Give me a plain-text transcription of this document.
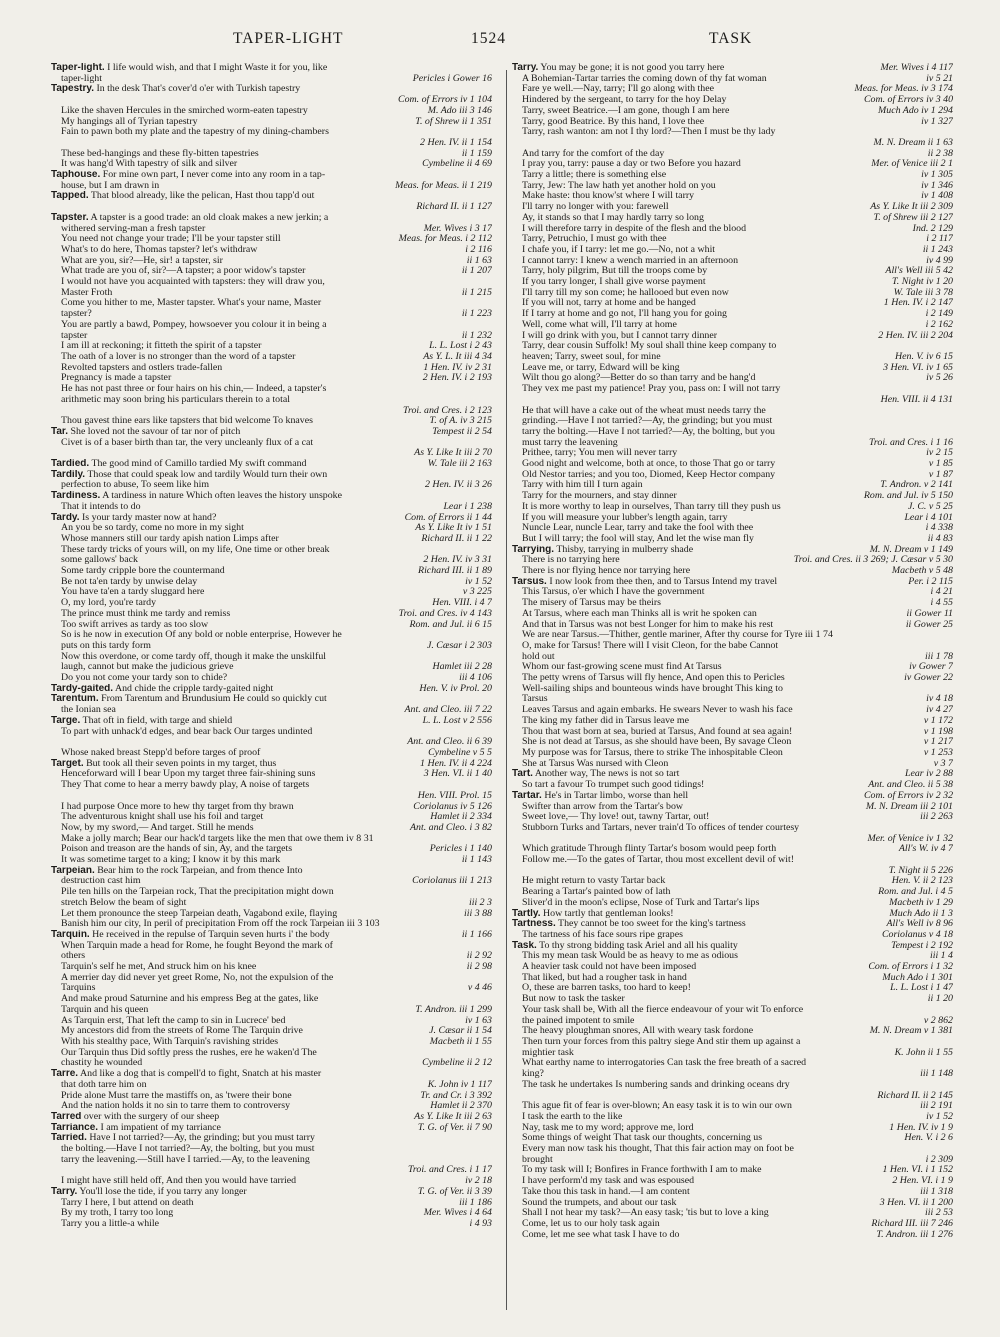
TAPER-LIGHT	1524	TASK
Taper-light. I life would wish, and that I might Waste it for you, like
taper-light	Pericles i Gower 16
Tapestry. In the desk That's cover'd o'er with Turkish tapestry
Com. of Errors iv 1 104
Like the shaven Hercules in the smirched worm-eaten tapestry	M. Ado iii 3 146
My hangings all of Tyrian tapestry	T. of Shrew ii 1 351
Fain to pawn both my plate and the tapestry of my dining-chambers
2 Hen. IV. ii 1 154
These bed-hangings and these fly-bitten tapestries	ii 1 159
It was hang'd With tapestry of silk and silver	Cymbeline ii 4 69
Taphouse. For mine own part, I never come into any room in a tap-
house, but I am drawn in	Meas. for Meas. ii 1 219
Tapped. That blood already, like the pelican, Hast thou tapp'd out
Richard II. ii 1 127
Tapster. A tapster is a good trade: an old cloak makes a new jerkin; a
withered serving-man a fresh tapster	Mer. Wives i 3 17
You need not change your trade; I'll be your tapster still	Meas. for Meas. i 2 112
What's to do here, Thomas tapster? let's withdraw	i 2 116
What are you, sir?—He, sir! a tapster, sir	ii 1 63
What trade are you of, sir?—A tapster; a poor widow's tapster	ii 1 207
I would not have you acquainted with tapsters: they will draw you,
Master Froth	ii 1 215
Come you hither to me, Master tapster. What's your name, Master
tapster?	ii 1 223
You are partly a bawd, Pompey, howsoever you colour it in being a
tapster	ii 1 232
I am ill at reckoning; it fitteth the spirit of a tapster	L. L. Lost i 2 43
The oath of a lover is no stronger than the word of a tapster	As Y. L. It iii 4 34
Revolted tapsters and ostlers trade-fallen	1 Hen. IV. iv 2 31
Pregnancy is made a tapster	2 Hen. IV. i 2 193
He has not past three or four hairs on his chin,— Indeed, a tapster's
arithmetic may soon bring his particulars therein to a total
Troi. and Cres. i 2 123
Thou gavest thine ears like tapsters that bid welcome To knaves	T. of A. iv 3 215
Tar. She loved not the savour of tar nor of pitch	Tempest ii 2 54
Civet is of a baser birth than tar, the very uncleanly flux of a cat
As Y. Like It iii 2 70
Tardied. The good mind of Camillo tardied My swift command	W. Tale iii 2 163
Tardily. Those that could speak low and tardily Would turn their own
perfection to abuse, To seem like him	2 Hen. IV. ii 3 26
Tardiness. A tardiness in nature Which often leaves the history unspoke
That it intends to do	Lear i 1 238
Tardy. Is your tardy master now at hand?	Com. of Errors ii 1 44
An you be so tardy, come no more in my sight	As Y. Like It iv 1 51
Whose manners still our tardy apish nation Limps after	Richard II. ii 1 22
These tardy tricks of yours will, on my life, One time or other break
some gallows' back	2 Hen. IV. iv 3 31
Some tardy cripple bore the countermand	Richard III. ii 1 89
Be not ta'en tardy by unwise delay	iv 1 52
You have ta'en a tardy sluggard here	v 3 225
O, my lord, you're tardy	Hen. VIII. i 4 7
The prince must think me tardy and remiss	Troi. and Cres. iv 4 143
Too swift arrives as tardy as too slow	Rom. and Jul. ii 6 15
So is he now in execution Of any bold or noble enterprise, However he
puts on this tardy form	J. Cæsar i 2 303
Now this overdone, or come tardy off, though it make the unskilful
laugh, cannot but make the judicious grieve	Hamlet iii 2 28
Do you not come your tardy son to chide?	iii 4 106
Tardy-gaited. And chide the cripple tardy-gaited night	Hen. V. iv Prol. 20
Tarentum. From Tarentum and Brundusium He could so quickly cut
the Ionian sea	Ant. and Cleo. iii 7 22
Targe. That oft in field, with targe and shield	L. L. Lost v 2 556
To part with unhack'd edges, and bear back Our targes undinted
Ant. and Cleo. ii 6 39
Whose naked breast Stepp'd before targes of proof	Cymbeline v 5 5
Target. But took all their seven points in my target, thus	1 Hen. IV. ii 4 224
Henceforward will I bear Upon my target three fair-shining suns	3 Hen. VI. ii 1 40
They That come to hear a merry bawdy play, A noise of targets
Hen. VIII. Prol. 15
I had purpose Once more to hew thy target from thy brawn	Coriolanus iv 5 126
The adventurous knight shall use his foil and target	Hamlet ii 2 334
Now, by my sword,— And target. Still he mends	Ant. and Cleo. i 3 82
Make a jolly march; Bear our hack'd targets like the men that owe them iv 8 31
Poison and treason are the hands of sin, Ay, and the targets	Pericles i 1 140
It was sometime target to a king; I know it by this mark	ii 1 143
Tarpeian. Bear him to the rock Tarpeian, and from thence Into
destruction cast him	Coriolanus iii 1 213
Pile ten hills on the Tarpeian rock, That the precipitation might down
stretch Below the beam of sight	iii 2 3
Let them pronounce the steep Tarpeian death, Vagabond exile, flaying	iii 3 88
Banish him our city, In peril of precipitation From off the rock Tarpeian iii 3 103
Tarquin. He received in the repulse of Tarquin seven hurts i' the body	ii 1 166
When Tarquin made a head for Rome, he fought Beyond the mark of
others	ii 2 92
Tarquin's self he met, And struck him on his knee	ii 2 98
A merrier day did never yet greet Rome, No, not the expulsion of the
Tarquins	v 4 46
And make proud Saturnine and his empress Beg at the gates, like
Tarquin and his queen	T. Andron. iii 1 299
As Tarquin erst, That left the camp to sin in Lucrece' bed	iv 1 63
My ancestors did from the streets of Rome The Tarquin drive	J. Cæsar ii 1 54
With his stealthy pace, With Tarquin's ravishing strides	Macbeth ii 1 55
Our Tarquin thus Did softly press the rushes, ere he waken'd The
chastity he wounded	Cymbeline ii 2 12
Tarre. And like a dog that is compell'd to fight, Snatch at his master
that doth tarre him on	K. John iv 1 117
Pride alone Must tarre the mastiffs on, as 'twere their bone	Tr. and Cr. i 3 392
And the nation holds it no sin to tarre them to controversy	Hamlet ii 2 370
Tarred over with the surgery of our sheep	As Y. Like It iii 2 63
Tarriance. I am impatient of my tarriance	T. G. of Ver. ii 7 90
Tarried. Have I not tarried?—Ay, the grinding; but you must tarry
the bolting.—Have I not tarried?—Ay, the bolting, but you must
tarry the leavening.—Still have I tarried.—Ay, to the leavening
Troi. and Cres. i 1 17
I might have still held off, And then you would have tarried	iv 2 18
Tarry. You'll lose the tide, if you tarry any longer	T. G. of Ver. ii 3 39
Tarry I here, I but attend on death	iii 1 186
By my troth, I tarry too long	Mer. Wives i 4 64
Tarry you a little-a while	i 4 93
Tarry. You may be gone; it is not good you tarry here	Mer. Wives i 4 117
A Bohemian-Tartar tarries the coming down of thy fat woman	iv 5 21
Fare ye well.—Nay, tarry; I'll go along with thee	Meas. for Meas. iv 3 174
Hindered by the sergeant, to tarry for the hoy Delay	Com. of Errors iv 3 40
Tarry, sweet Beatrice.—I am gone, though I am here	Much Ado iv 1 294
Tarry, good Beatrice. By this hand, I love thee	iv 1 327
Tarry, rash wanton: am not I thy lord?—Then I must be thy lady
M. N. Dream ii 1 63
And tarry for the comfort of the day	ii 2 38
I pray you, tarry: pause a day or two Before you hazard	Mer. of Venice iii 2 1
Tarry a little; there is something else	iv 1 305
Tarry, Jew: The law hath yet another hold on you	iv 1 346
Make haste: thou know'st where I will tarry	iv 1 408
I'll tarry no longer with you: farewell	As Y. Like It iii 2 309
Ay, it stands so that I may hardly tarry so long	T. of Shrew iii 2 127
I will therefore tarry in despite of the flesh and the blood	Ind. 2 129
Tarry, Petruchio, I must go with thee	i 2 117
I chafe you, if I tarry: let me go.—No, not a whit	ii 1 243
I cannot tarry: I knew a wench married in an afternoon	iv 4 99
Tarry, holy pilgrim, But till the troops come by	All's Well iii 5 42
If you tarry longer, I shall give worse payment	T. Night iv 1 20
I'll tarry till my son come; he hallooed but even now	W. Tale iii 3 78
If you will not, tarry at home and be hanged	1 Hen. IV. i 2 147
If I tarry at home and go not, I'll hang you for going	i 2 149
Well, come what will, I'll tarry at home	i 2 162
I will go drink with you, but I cannot tarry dinner	2 Hen. IV. iii 2 204
Tarry, dear cousin Suffolk! My soul shall thine keep company to
heaven; Tarry, sweet soul, for mine	Hen. V. iv 6 15
Leave me, or tarry, Edward will be king	3 Hen. VI. iv 1 65
Wilt thou go along?—Better do so than tarry and be hang'd	iv 5 26
They vex me past my patience! Pray you, pass on: I will not tarry
Hen. VIII. ii 4 131
He that will have a cake out of the wheat must needs tarry the
grinding.—Have I not tarried?—Ay, the grinding; but you must
tarry the bolting.—Have I not tarried?—Ay, the bolting, but you
must tarry the leavening	Troi. and Cres. i 1 16
Prithee, tarry; You men will never tarry	iv 2 15
Good night and welcome, both at once, to those That go or tarry	v 1 85
Old Nestor tarries; and you too, Diomed, Keep Hector company	v 1 87
Tarry with him till I turn again	T. Andron. v 2 141
Tarry for the mourners, and stay dinner	Rom. and Jul. iv 5 150
It is more worthy to leap in ourselves, Than tarry till they push us	J. C. v 5 25
If you will measure your lubber's length again, tarry	Lear i 4 101
Nuncle Lear, nuncle Lear, tarry and take the fool with thee	i 4 338
But I will tarry; the fool will stay, And let the wise man fly	ii 4 83
Tarrying. Thisby, tarrying in mulberry shade	M. N. Dream v 1 149
There is no tarrying here	Troi. and Cres. ii 3 269; J. Cæsar v 5 30
There is nor flying hence nor tarrying here	Macbeth v 5 48
Tarsus. I now look from thee then, and to Tarsus Intend my travel	Per. i 2 115
This Tarsus, o'er which I have the government	i 4 21
The misery of Tarsus may be theirs	i 4 55
At Tarsus, where each man Thinks all is writ he spoken can	ii Gower 11
And that in Tarsus was not best Longer for him to make his rest	ii Gower 25
We are near Tarsus.—Thither, gentle mariner, After thy course for Tyre iii 1 74
O, make for Tarsus! There will I visit Cleon, for the babe Cannot
hold out	iii 1 78
Whom our fast-growing scene must find At Tarsus	iv Gower 7
The petty wrens of Tarsus will fly hence, And open this to Pericles	iv Gower 22
Well-sailing ships and bounteous winds have brought This king to
Tarsus	iv 4 18
Leaves Tarsus and again embarks. He swears Never to wash his face	iv 4 27
The king my father did in Tarsus leave me	v 1 172
Thou that wast born at sea, buried at Tarsus, And found at sea again!	v 1 198
She is not dead at Tarsus, as she should have been, By savage Cleon	v 1 217
My purpose was for Tarsus, there to strike The inhospitable Cleon	v 1 253
She at Tarsus Was nursed with Cleon	v 3 7
Tart. Another way, The news is not so tart	Lear iv 2 88
So tart a favour To trumpet such good tidings!	Ant. and Cleo. ii 5 38
Tartar. He's in Tartar limbo, worse than hell	Com. of Errors iv 2 32
Swifter than arrow from the Tartar's bow	M. N. Dream iii 2 101
Sweet love,— Thy love! out, tawny Tartar, out!	iii 2 263
Stubborn Turks and Tartars, never train'd To offices of tender courtesy
Mer. of Venice iv 1 32
Which gratitude Through flinty Tartar's bosom would peep forth	All's W. iv 4 7
Follow me.—To the gates of Tartar, thou most excellent devil of wit!
T. Night ii 5 226
He might return to vasty Tartar back	Hen. V. ii 2 123
Bearing a Tartar's painted bow of lath	Rom. and Jul. i 4 5
Sliver'd in the moon's eclipse, Nose of Turk and Tartar's lips	Macbeth iv 1 29
Tartly. How tartly that gentleman looks!	Much Ado ii 1 3
Tartness. They cannot be too sweet for the king's tartness	All's Well iv 8 96
The tartness of his face sours ripe grapes	Coriolanus v 4 18
Task. To thy strong bidding task Ariel and all his quality	Tempest i 2 192
This my mean task Would be as heavy to me as odious	iii 1 4
A heavier task could not have been imposed	Com. of Errors i 1 32
That liked, but had a rougher task in hand	Much Ado i 1 301
O, these are barren tasks, too hard to keep!	L. L. Lost i 1 47
But now to task the tasker	ii 1 20
Your task shall be, With all the fierce endeavour of your wit To enforce
the pained impotent to smile	v 2 862
The heavy ploughman snores, All with weary task fordone	M. N. Dream v 1 381
Then turn your forces from this paltry siege And stir them up against a
mightier task	K. John ii 1 55
What earthy name to interrogatories Can task the free breath of a sacred
king?	iii 1 148
The task he undertakes Is numbering sands and drinking oceans dry
Richard II. ii 2 145
This ague fit of fear is over-blown; An easy task it is to win our own	iii 2 191
I task the earth to the like	iv 1 52
Nay, task me to my word; approve me, lord	1 Hen. IV. iv 1 9
Some things of weight That task our thoughts, concerning us	Hen. V. i 2 6
Every man now task his thought, That this fair action may on foot be
brought	i 2 309
To my task will I; Bonfires in France forthwith I am to make	1 Hen. VI. i 1 152
I have perform'd my task and was espoused	2 Hen. VI. i 1 9
Take thou this task in hand.—I am content	iii 1 318
Sound the trumpets, and about our task	3 Hen. VI. ii 1 200
Shall I not hear my task?—An easy task; 'tis but to love a king	iii 2 53
Come, let us to our holy task again	Richard III. iii 7 246
Come, let me see what task I have to do	T. Andron. iii 1 276
